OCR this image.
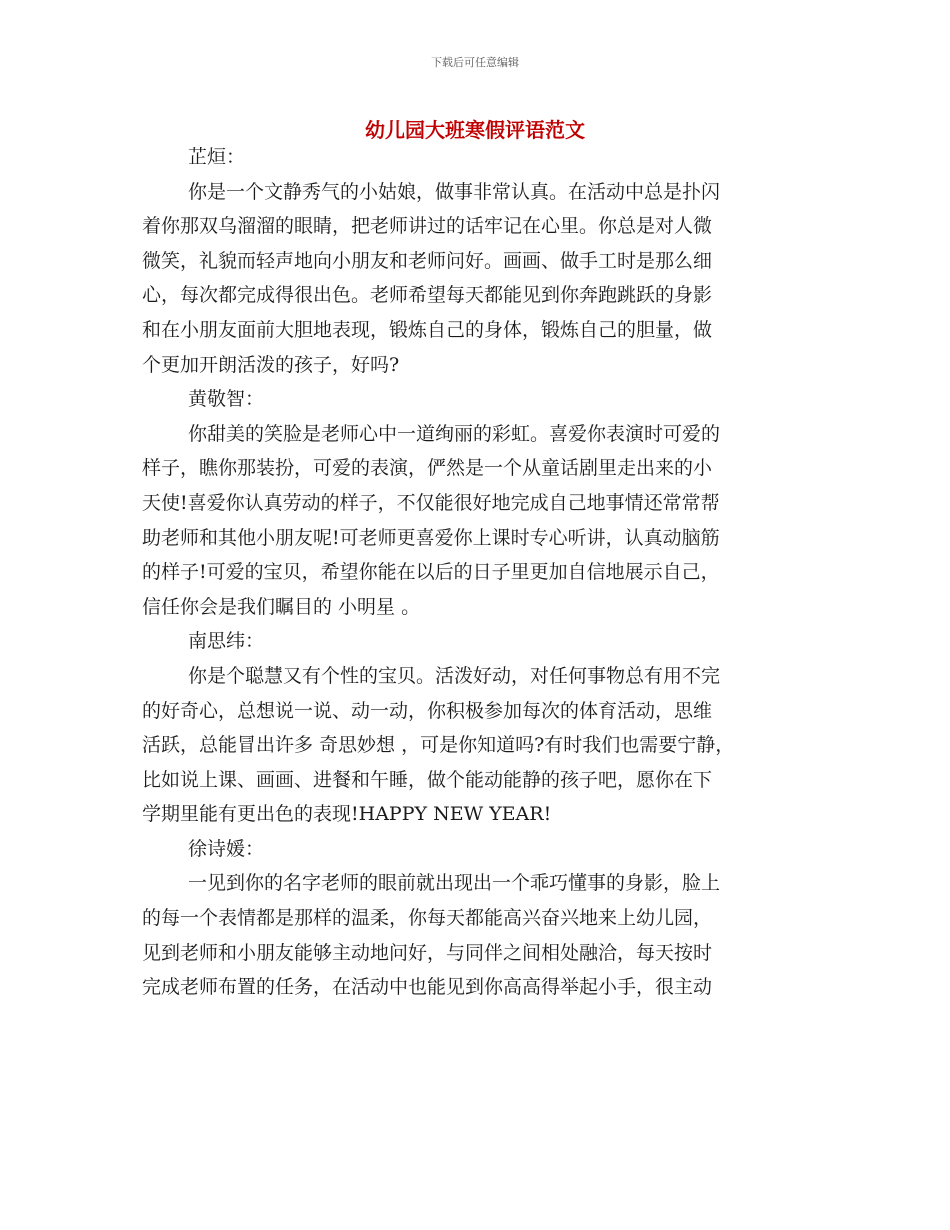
下载后可任意编辑
幼儿园大班寒假评语范文
芷烜：
你是一个文静秀气的小姑娘，做事非常认真。在活动中总是扑闪
着你那双乌溜溜的眼睛，把老师讲过的话牢记在心里。你总是对人微
微笑，礼貌而轻声地向小朋友和老师问好。画画、做手工时是那么细
心，每次都完成得很出色。老师希望每天都能见到你奔跑跳跃的身影
和在小朋友面前大胆地表现，锻炼自己的身体，锻炼自己的胆量，做
个更加开朗活泼的孩子，好吗?
黄敬智：
你甜美的笑脸是老师心中一道绚丽的彩虹。喜爱你表演时可爱的
样子，瞧你那装扮，可爱的表演，俨然是一个从童话剧里走出来的小
天使!喜爱你认真劳动的样子，不仅能很好地完成自己地事情还常常帮
助老师和其他小朋友呢!可老师更喜爱你上课时专心听讲，认真动脑筋
的样子!可爱的宝贝，希望你能在以后的日子里更加自信地展示自己，
信任你会是我们瞩目的 小明星 。
南思纬：
你是个聪慧又有个性的宝贝。活泼好动，对任何事物总有用不完
的好奇心，总想说一说、动一动，你积极参加每次的体育活动，思维
活跃，总能冒出许多 奇思妙想 ，可是你知道吗?有时我们也需要宁静，
比如说上课、画画、进餐和午睡，做个能动能静的孩子吧，愿你在下
学期里能有更出色的表现!HAPPY NEW YEAR!
徐诗媛：
一见到你的名字老师的眼前就出现出一个乖巧懂事的身影，脸上
的每一个表情都是那样的温柔，你每天都能高兴奋兴地来上幼儿园，
见到老师和小朋友能够主动地问好，与同伴之间相处融洽，每天按时
完成老师布置的任务，在活动中也能见到你高高得举起小手，很主动
